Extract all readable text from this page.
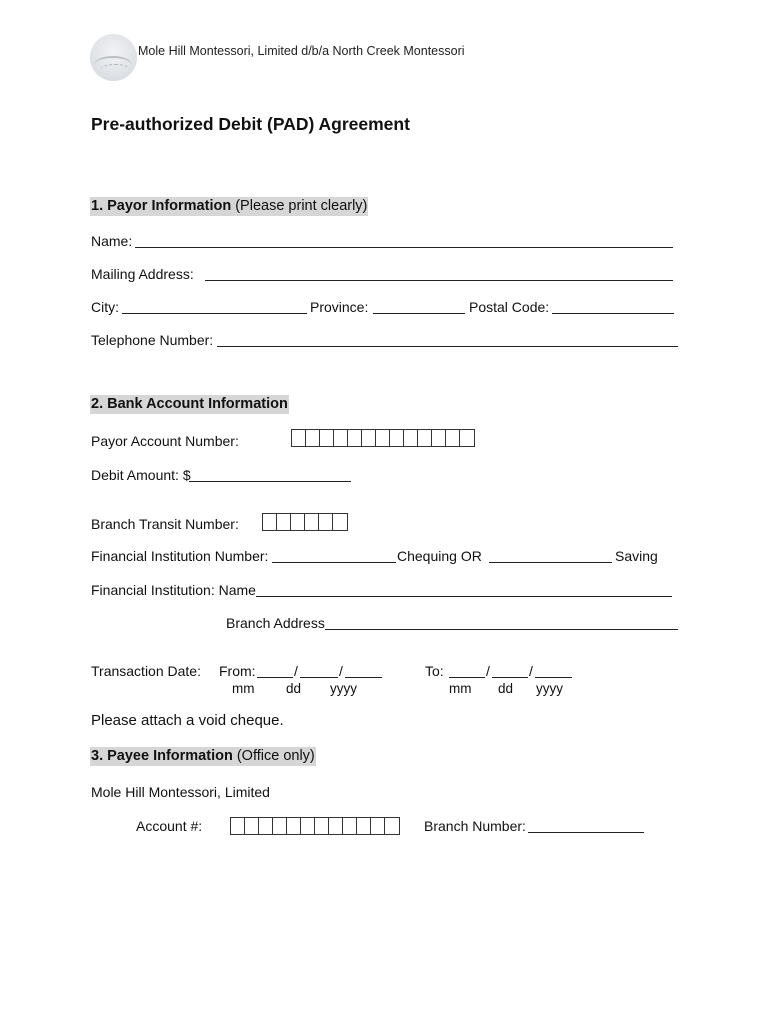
Mole Hill Montessori, Limited d/b/a North Creek Montessori
Pre-authorized Debit (PAD) Agreement
1. Payor Information (Please print clearly)
Name:
Mailing Address:
City:	Province:	Postal Code:
Telephone Number:
2. Bank Account Information
Payor Account Number:
Debit Amount: $
Branch Transit Number:
Financial Institution Number:	Chequing OR	Saving
Financial Institution: Name
Branch Address
Transaction Date: From:	/	/
mm dd yyyy
To:	/	/
mm dd yyyy
Please attach a void cheque.
3. Payee Information (Office only)
Mole Hill Montessori, Limited
Account #:	Branch Number:
